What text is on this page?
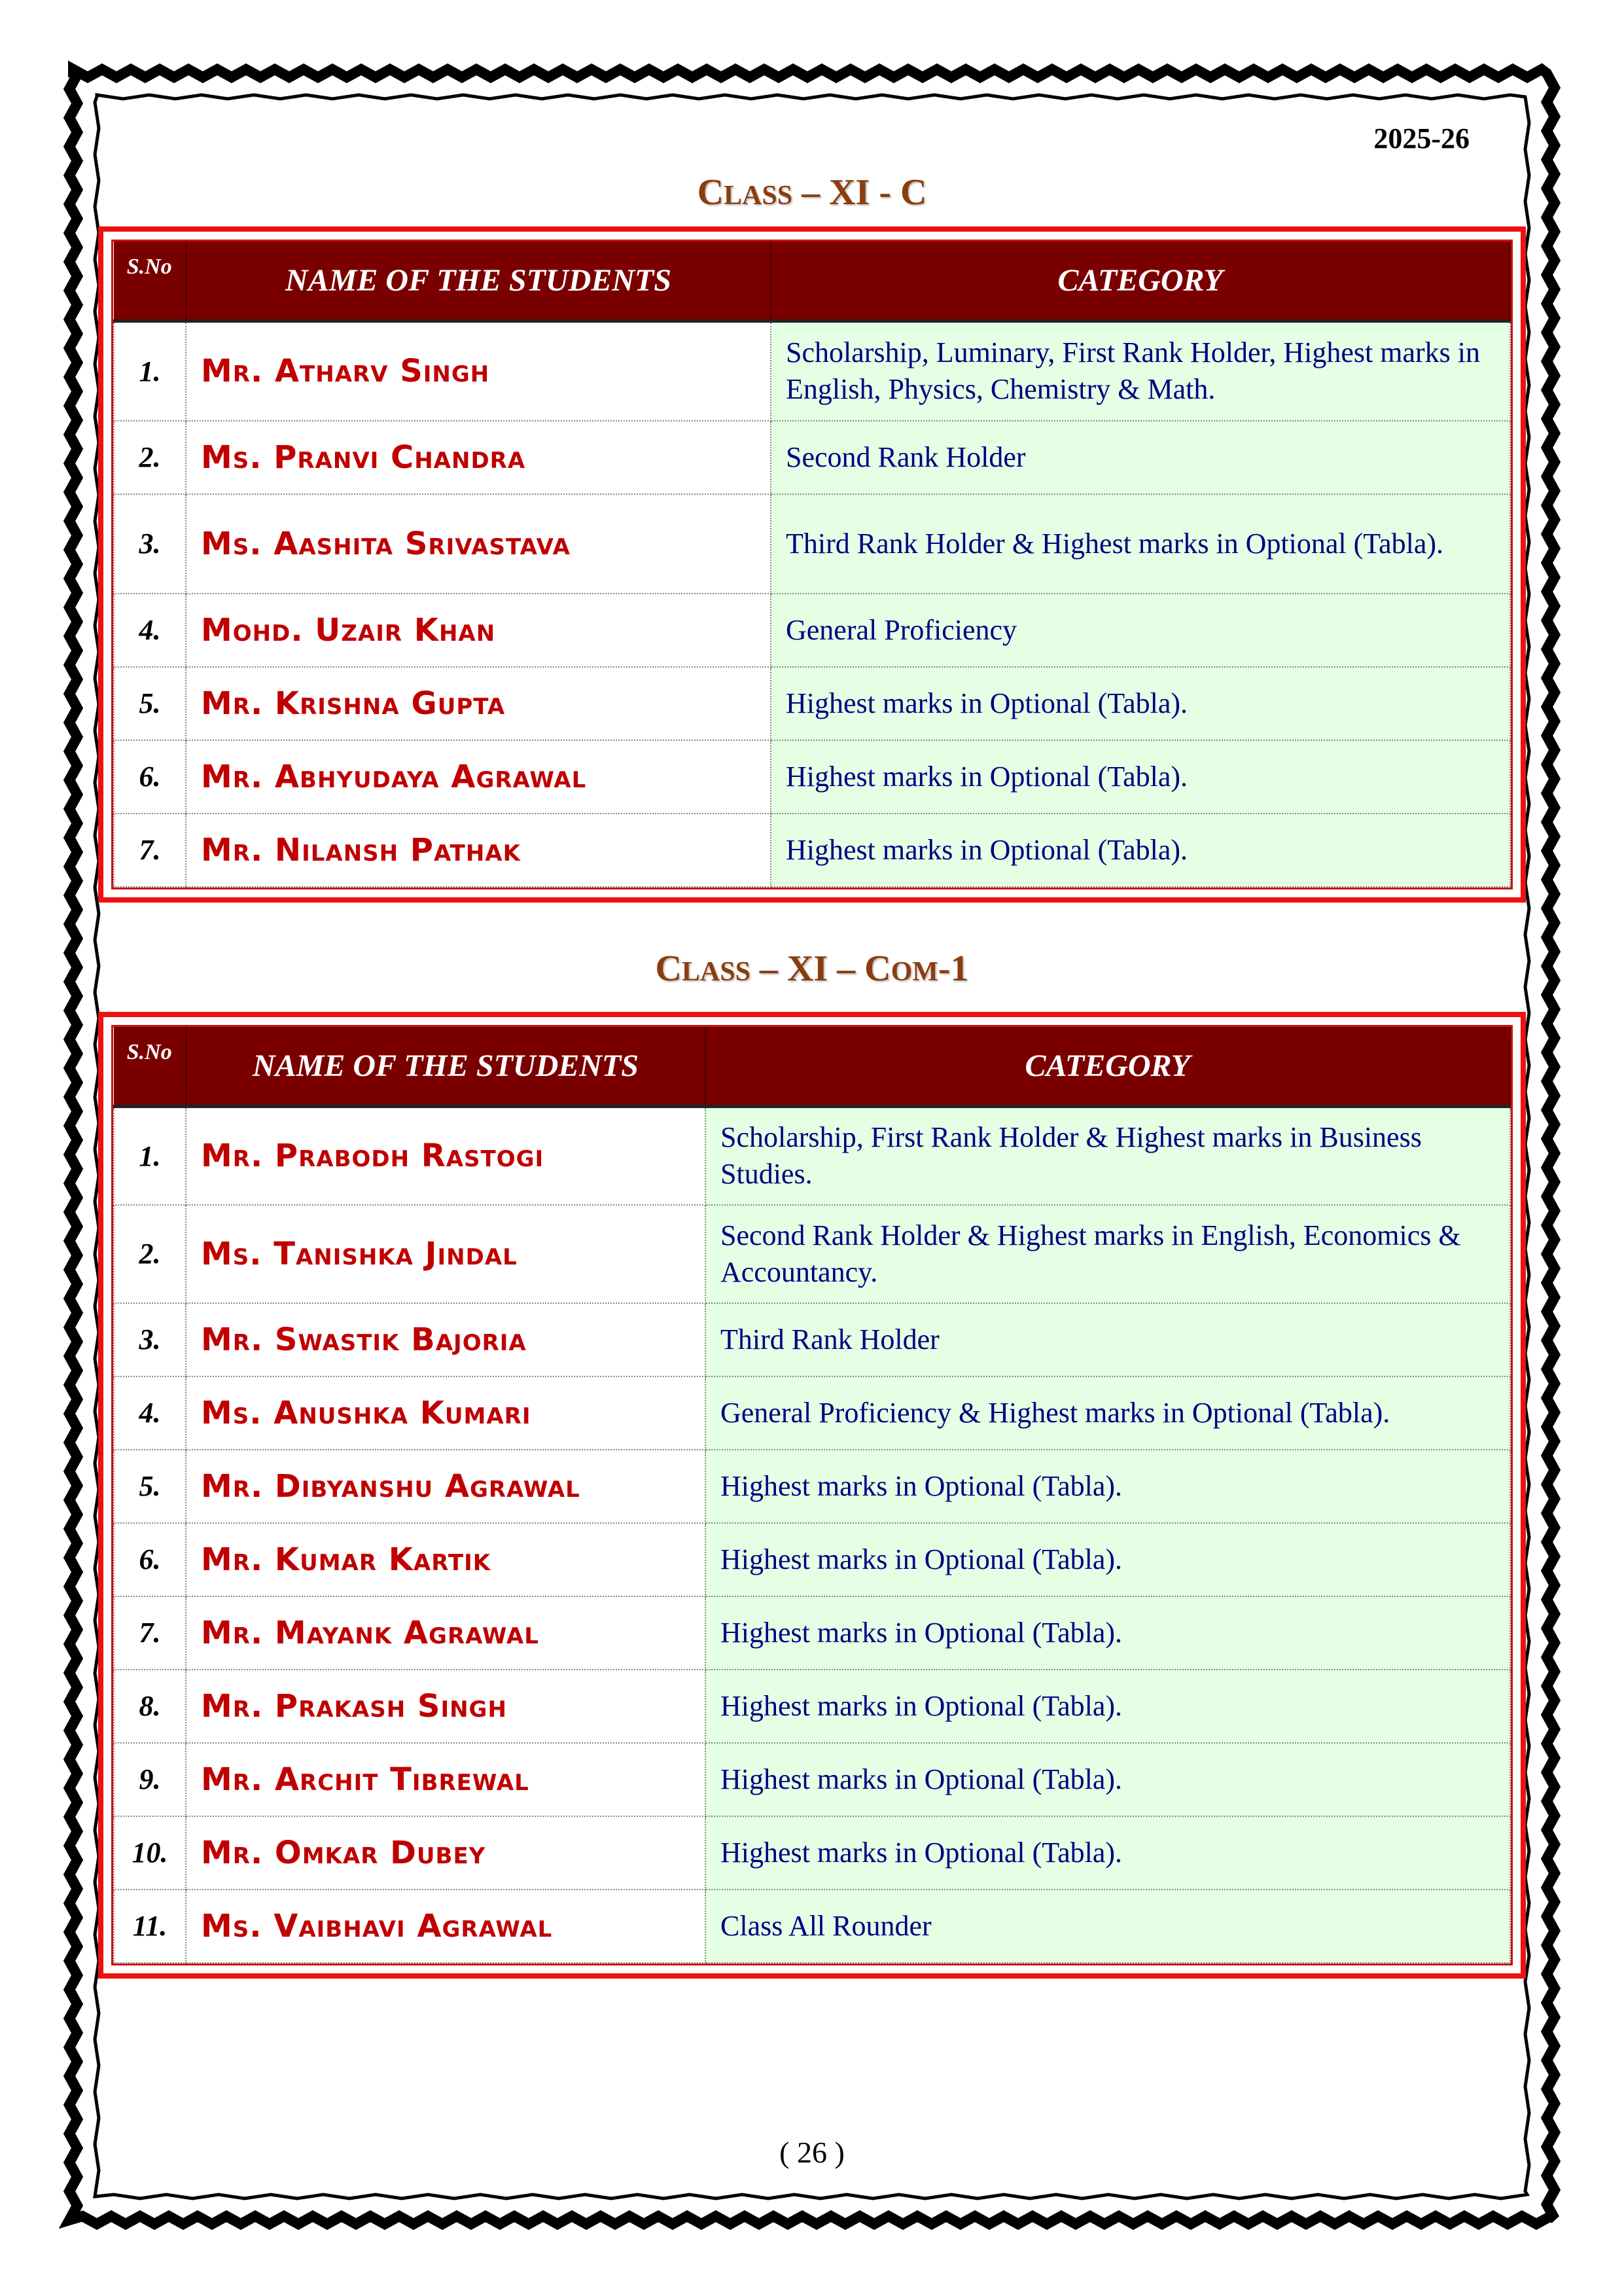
2025-26
CLASS – XI - C
S.No	NAME OF THE STUDENTS	CATEGORY
1.	Mr. Atharv Singh	Scholarship, Luminary, First Rank Holder, Highest marks in English, Physics, Chemistry & Math.
2.	Ms. Pranvi Chandra	Second Rank Holder
3.	Ms. Aashita Srivastava	Third Rank Holder & Highest marks in Optional (Tabla).
4.	Mohd. Uzair Khan	General Proficiency
5.	Mr. Krishna Gupta	Highest marks in Optional (Tabla).
6.	Mr. Abhyudaya Agrawal	Highest marks in Optional (Tabla).
7.	Mr. Nilansh Pathak	Highest marks in Optional (Tabla).
CLASS – XI – COM-1
S.No	NAME OF THE STUDENTS	CATEGORY
1.	Mr. Prabodh Rastogi	Scholarship, First Rank Holder & Highest marks in Business Studies.
2.	Ms. Tanishka Jindal	Second Rank Holder & Highest marks in English, Economics & Accountancy.
3.	Mr. Swastik Bajoria	Third Rank Holder
4.	Ms. Anushka Kumari	General Proficiency & Highest marks in Optional (Tabla).
5.	Mr. Dibyanshu Agrawal	Highest marks in Optional (Tabla).
6.	Mr. Kumar Kartik	Highest marks in Optional (Tabla).
7.	Mr. Mayank Agrawal	Highest marks in Optional (Tabla).
8.	Mr. Prakash Singh	Highest marks in Optional (Tabla).
9.	Mr. Archit Tibrewal	Highest marks in Optional (Tabla).
10.	Mr. Omkar Dubey	Highest marks in Optional (Tabla).
11.	Ms. Vaibhavi Agrawal	Class All Rounder
( 26 )
